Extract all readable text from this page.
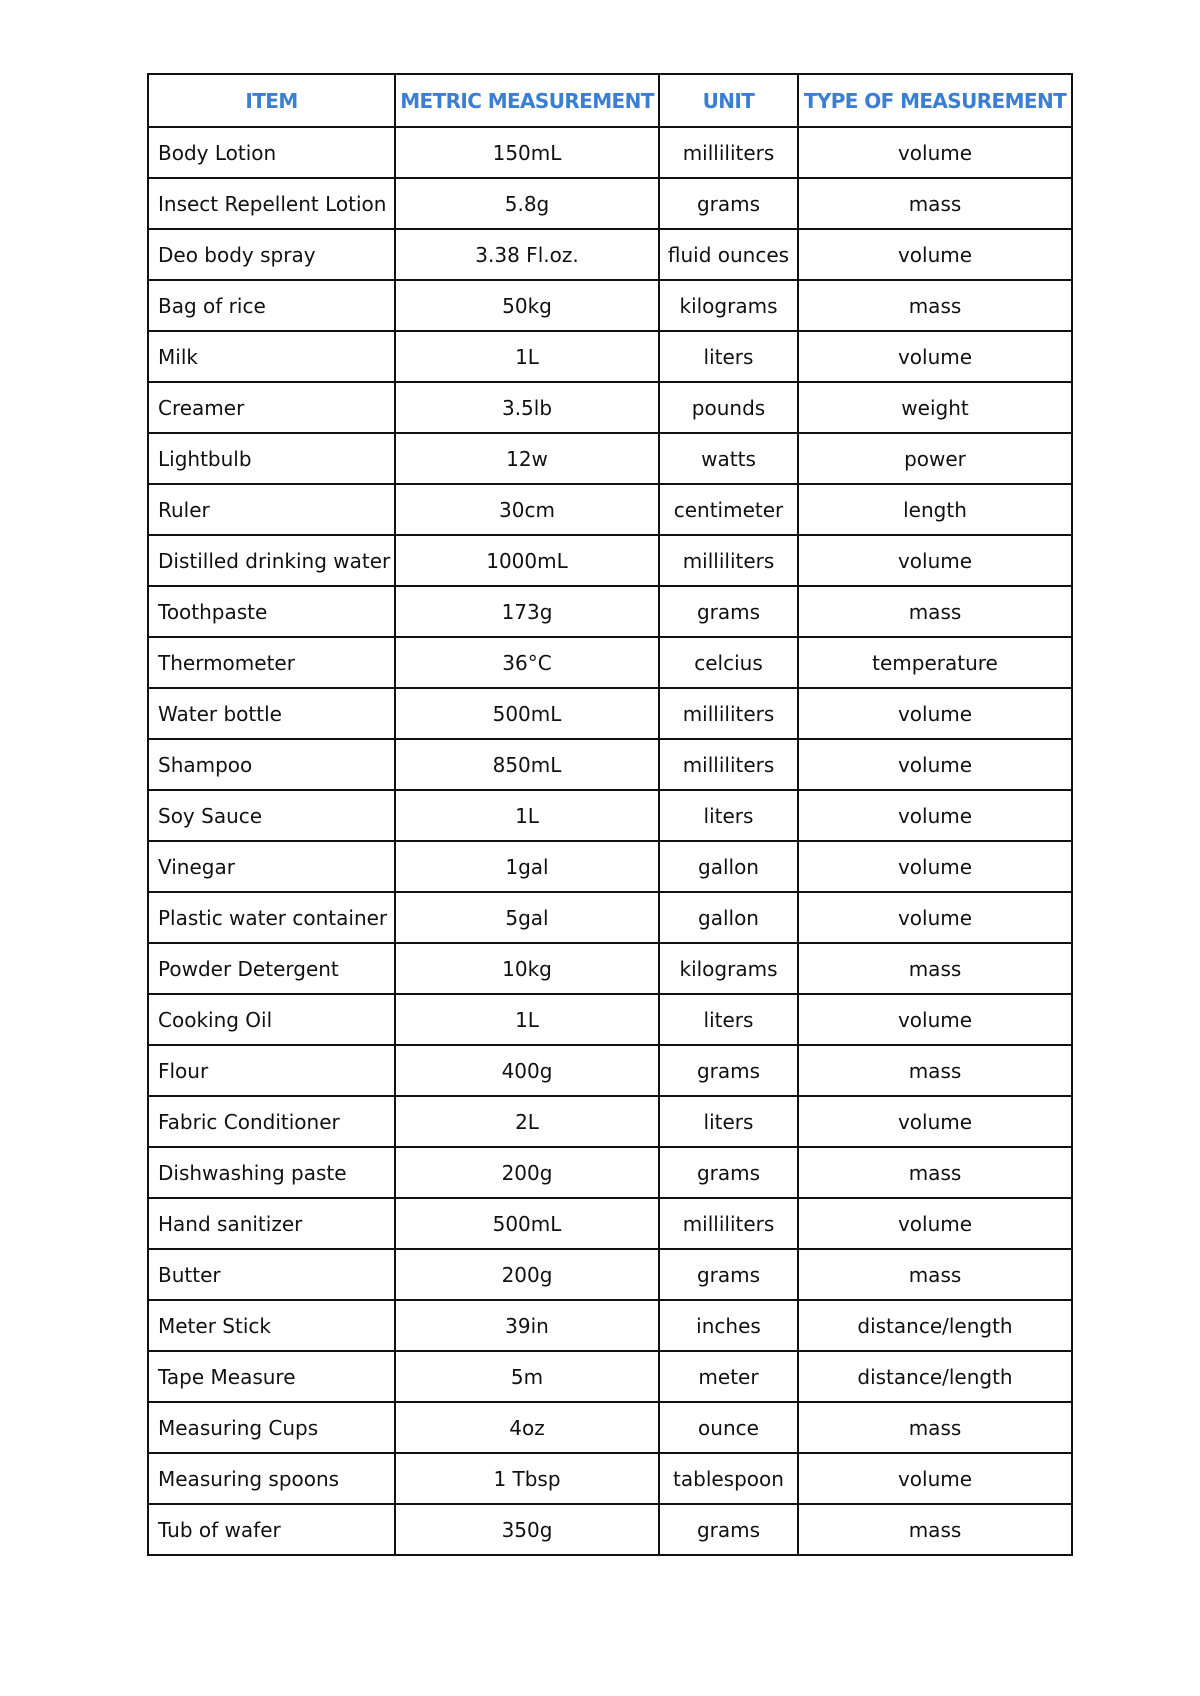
ITEM	METRIC MEASUREMENT	UNIT	TYPE OF MEASUREMENT
Body Lotion	150mL	milliliters	volume
Insect Repellent Lotion	5.8g	grams	mass
Deo body spray	3.38 Fl.oz.	fluid ounces	volume
Bag of rice	50kg	kilograms	mass
Milk	1L	liters	volume
Creamer	3.5lb	pounds	weight
Lightbulb	12w	watts	power
Ruler	30cm	centimeter	length
Distilled drinking water	1000mL	milliliters	volume
Toothpaste	173g	grams	mass
Thermometer	36°C	celcius	temperature
Water bottle	500mL	milliliters	volume
Shampoo	850mL	milliliters	volume
Soy Sauce	1L	liters	volume
Vinegar	1gal	gallon	volume
Plastic water container	5gal	gallon	volume
Powder Detergent	10kg	kilograms	mass
Cooking Oil	1L	liters	volume
Flour	400g	grams	mass
Fabric Conditioner	2L	liters	volume
Dishwashing paste	200g	grams	mass
Hand sanitizer	500mL	milliliters	volume
Butter	200g	grams	mass
Meter Stick	39in	inches	distance/length
Tape Measure	5m	meter	distance/length
Measuring Cups	4oz	ounce	mass
Measuring spoons	1 Tbsp	tablespoon	volume
Tub of wafer	350g	grams	mass
